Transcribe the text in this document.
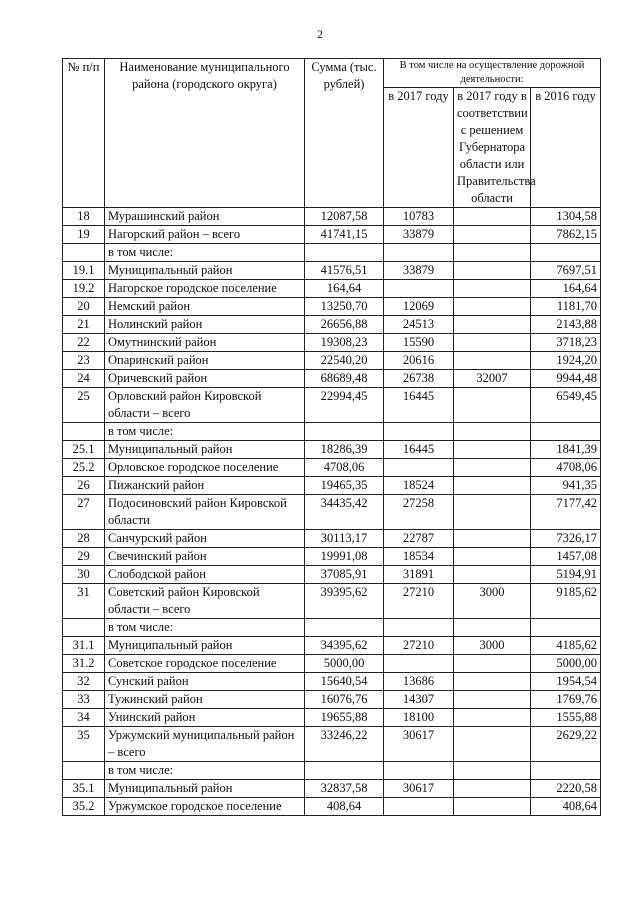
2
№ п/п	Наименование муниципального района (городского округа)	Сумма (тыс. рублей)	В том числе на осуществление дорожной деятельности:		
			в 2017 году	в 2017 году в соответствии с решением Губернатора области или Правительства области	в 2016 году
18	Мурашинский район	12087,58	10783		1304,58
19	Нагорский район – всего	41741,15	33879		7862,15
	в том числе:				
19.1	Муниципальный район	41576,51	33879		7697,51
19.2	Нагорское городское поселение	164,64			164,64
20	Немский район	13250,70	12069		1181,70
21	Нолинский район	26656,88	24513		2143,88
22	Омутнинский район	19308,23	15590		3718,23
23	Опаринский район	22540,20	20616		1924,20
24	Оричевский район	68689,48	26738	32007	9944,48
25	Орловский район Кировской области – всего	22994,45	16445		6549,45
	в том числе:				
25.1	Муниципальный район	18286,39	16445		1841,39
25.2	Орловское городское поселение	4708,06			4708,06
26	Пижанский район	19465,35	18524		941,35
27	Подосиновский район Кировской области	34435,42	27258		7177,42
28	Санчурский район	30113,17	22787		7326,17
29	Свечинский район	19991,08	18534		1457,08
30	Слободской район	37085,91	31891		5194,91
31	Советский район Кировской области – всего	39395,62	27210	3000	9185,62
	в том числе:				
31.1	Муниципальный район	34395,62	27210	3000	4185,62
31.2	Советское городское поселение	5000,00			5000,00
32	Сунский район	15640,54	13686		1954,54
33	Тужинский район	16076,76	14307		1769,76
34	Унинский район	19655,88	18100		1555,88
35	Уржумский муниципальный район – всего	33246,22	30617		2629,22
	в том числе:				
35.1	Муниципальный район	32837,58	30617		2220,58
35.2	Уржумское городское поселение	408,64			408,64
